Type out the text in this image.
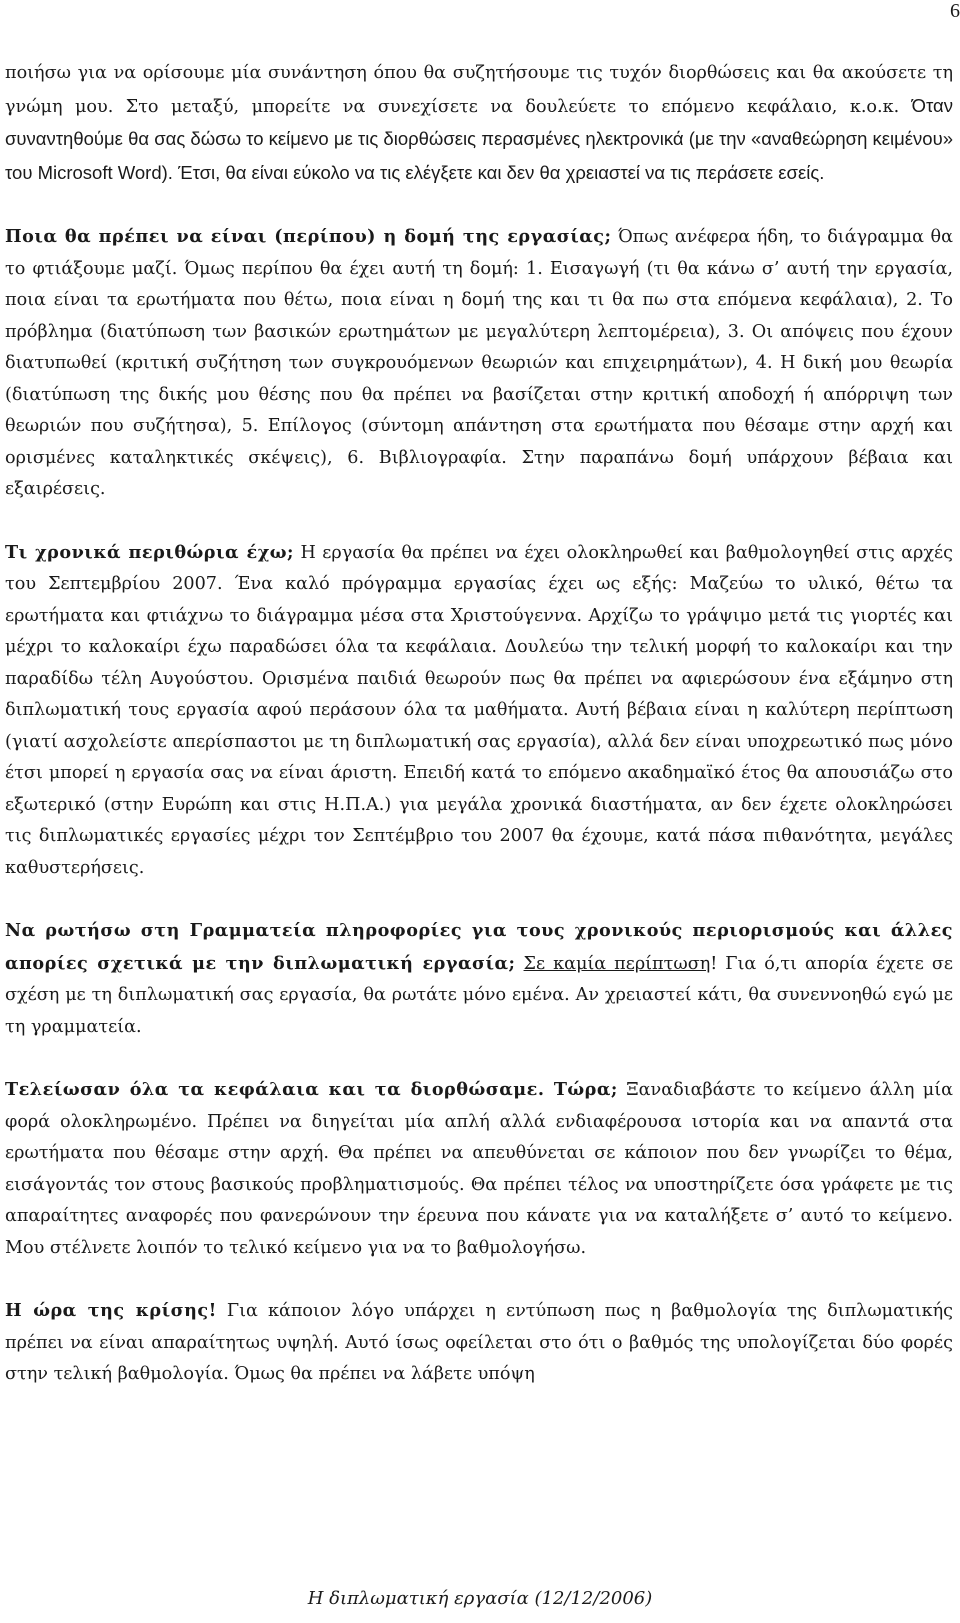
6

ποιήσω για να ορίσουμε μία συνάντηση όπου θα συζητήσουμε τις τυχόν διορθώσεις και θα ακούσετε τη γνώμη μου. Στο μεταξύ, μπορείτε να συνεχίσετε να δουλεύετε το επόμενο κεφάλαιο, κ.ο.κ. Όταν συναντηθούμε θα σας δώσω το κείμενο με τις διορθώσεις περασμένες ηλεκτρονικά (με την «αναθεώρηση κειμένου» του Microsoft Word). Έτσι, θα είναι εύκολο να τις ελέγξετε και δεν θα χρειαστεί να τις περάσετε εσείς.

Ποια θα πρέπει να είναι (περίπου) η δομή της εργασίας; Όπως ανέφερα ήδη, το διάγραμμα θα το φτιάξουμε μαζί. Όμως περίπου θα έχει αυτή τη δομή: 1. Εισαγωγή (τι θα κάνω σ’ αυτή την εργασία, ποια είναι τα ερωτήματα που θέτω, ποια είναι η δομή της και τι θα πω στα επόμενα κεφάλαια), 2. Το πρόβλημα (διατύπωση των βασικών ερωτημάτων με μεγαλύτερη λεπτομέρεια), 3. Οι απόψεις που έχουν διατυπωθεί (κριτική συζήτηση των συγκρουόμενων θεωριών και επιχειρημάτων), 4. Η δική μου θεωρία (διατύπωση της δικής μου θέσης που θα πρέπει να βασίζεται στην κριτική αποδοχή ή απόρριψη των θεωριών που συζήτησα), 5. Επίλογος (σύντομη απάντηση στα ερωτήματα που θέσαμε στην αρχή και ορισμένες καταληκτικές σκέψεις), 6. Βιβλιογραφία. Στην παραπάνω δομή υπάρχουν βέβαια και εξαιρέσεις.

Τι χρονικά περιθώρια έχω; Η εργασία θα πρέπει να έχει ολοκληρωθεί και βαθμολογηθεί στις αρχές του Σεπτεμβρίου 2007. Ένα καλό πρόγραμμα εργασίας έχει ως εξής: Μαζεύω το υλικό, θέτω τα ερωτήματα και φτιάχνω το διάγραμμα μέσα στα Χριστούγεννα. Αρχίζω το γράψιμο μετά τις γιορτές και μέχρι το καλοκαίρι έχω παραδώσει όλα τα κεφάλαια. Δουλεύω την τελική μορφή το καλοκαίρι και την παραδίδω τέλη Αυγούστου. Ορισμένα παιδιά θεωρούν πως θα πρέπει να αφιερώσουν ένα εξάμηνο στη διπλωματική τους εργασία αφού περάσουν όλα τα μαθήματα. Αυτή βέβαια είναι η καλύτερη περίπτωση (γιατί ασχολείστε απερίσπαστοι με τη διπλωματική σας εργασία), αλλά δεν είναι υποχρεωτικό πως μόνο έτσι μπορεί η εργασία σας να είναι άριστη. Επειδή κατά το επόμενο ακαδημαϊκό έτος θα απουσιάζω στο εξωτερικό (στην Ευρώπη και στις Η.Π.Α.) για μεγάλα χρονικά διαστήματα, αν δεν έχετε ολοκληρώσει τις διπλωματικές εργασίες μέχρι τον Σεπτέμβριο του 2007 θα έχουμε, κατά πάσα πιθανότητα, μεγάλες καθυστερήσεις.

Να ρωτήσω στη Γραμματεία πληροφορίες για τους χρονικούς περιορισμούς και άλλες απορίες σχετικά με την διπλωματική εργασία; Σε καμία περίπτωση! Για ό,τι απορία έχετε σε σχέση με τη διπλωματική σας εργασία, θα ρωτάτε μόνο εμένα. Αν χρειαστεί κάτι, θα συνεννοηθώ εγώ με τη γραμματεία.

Τελείωσαν όλα τα κεφάλαια και τα διορθώσαμε. Τώρα; Ξαναδιαβάστε το κείμενο άλλη μία φορά ολοκληρωμένο. Πρέπει να διηγείται μία απλή αλλά ενδιαφέρουσα ιστορία και να απαντά στα ερωτήματα που θέσαμε στην αρχή. Θα πρέπει να απευθύνεται σε κάποιον που δεν γνωρίζει το θέμα, εισάγοντάς τον στους βασικούς προβληματισμούς. Θα πρέπει τέλος να υποστηρίζετε όσα γράφετε με τις απαραίτητες αναφορές που φανερώνουν την έρευνα που κάνατε για να καταλήξετε σ’ αυτό το κείμενο. Μου στέλνετε λοιπόν το τελικό κείμενο για να το βαθμολογήσω.

Η ώρα της κρίσης! Για κάποιον λόγο υπάρχει η εντύπωση πως η βαθμολογία της διπλωματικής πρέπει να είναι απαραίτητως υψηλή. Αυτό ίσως οφείλεται στο ότι ο βαθμός της υπολογίζεται δύο φορές στην τελική βαθμολογία. Όμως θα πρέπει να λάβετε υπόψη

Η διπλωματική εργασία (12/12/2006)
